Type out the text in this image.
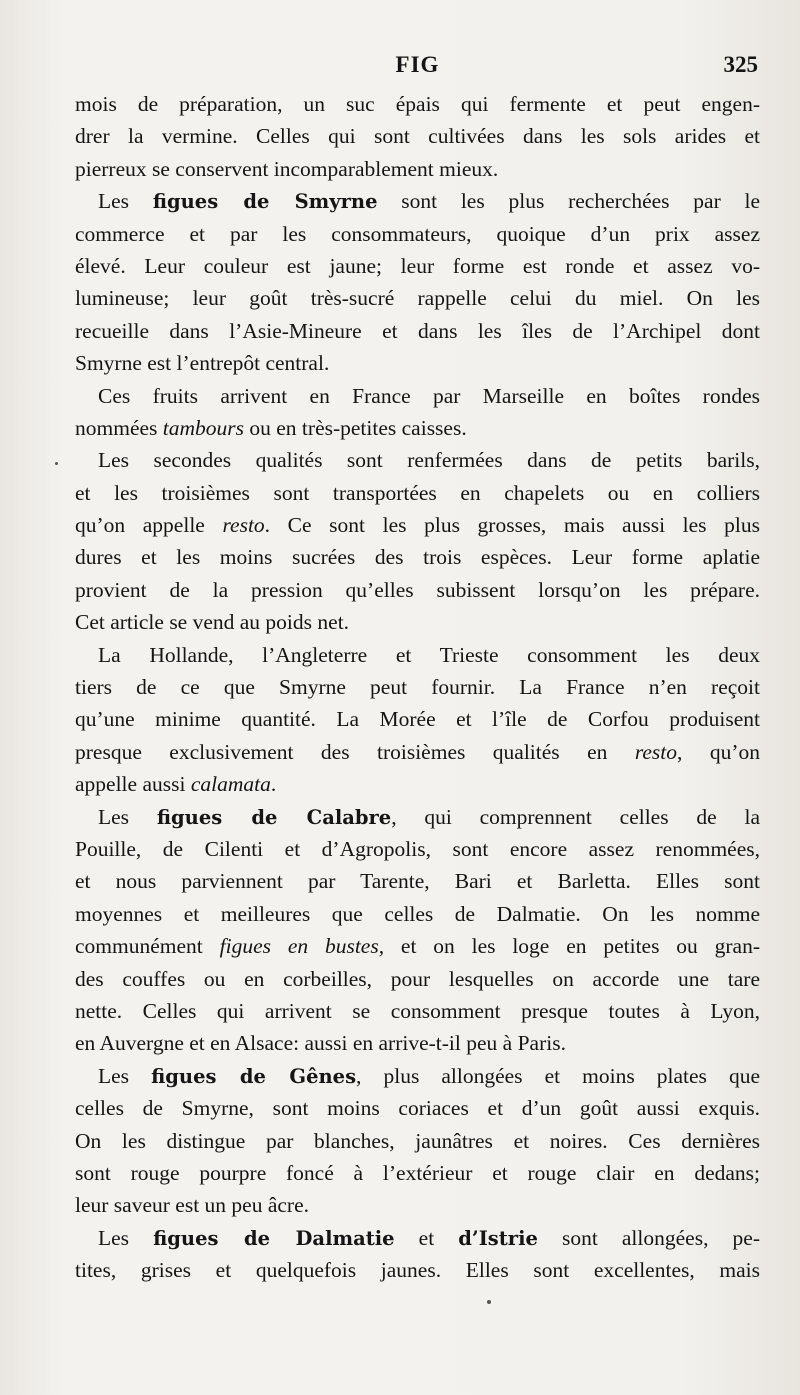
FIG	325
mois de préparation, un suc épais qui fermente et peut engen-
drer la vermine. Celles qui sont cultivées dans les sols arides et
pierreux se conservent incomparablement mieux.
Les figues de Smyrne sont les plus recherchées par le
commerce et par les consommateurs, quoique d’un prix assez
élevé. Leur couleur est jaune; leur forme est ronde et assez vo-
lumineuse; leur goût très-sucré rappelle celui du miel. On les
recueille dans l’Asie-Mineure et dans les îles de l’Archipel dont
Smyrne est l’entrepôt central.
Ces fruits arrivent en France par Marseille en boîtes rondes
nommées tambours ou en très-petites caisses.
Les secondes qualités sont renfermées dans de petits barils,
et les troisièmes sont transportées en chapelets ou en colliers
qu’on appelle resto. Ce sont les plus grosses, mais aussi les plus
dures et les moins sucrées des trois espèces. Leur forme aplatie
provient de la pression qu’elles subissent lorsqu’on les prépare.
Cet article se vend au poids net.
La Hollande, l’Angleterre et Trieste consomment les deux
tiers de ce que Smyrne peut fournir. La France n’en reçoit
qu’une minime quantité. La Morée et l’île de Corfou produisent
presque exclusivement des troisièmes qualités en resto, qu’on
appelle aussi calamata.
Les figues de Calabre, qui comprennent celles de la
Pouille, de Cilenti et d’Agropolis, sont encore assez renommées,
et nous parviennent par Tarente, Bari et Barletta. Elles sont
moyennes et meilleures que celles de Dalmatie. On les nomme
communément figues en bustes, et on les loge en petites ou gran-
des couffes ou en corbeilles, pour lesquelles on accorde une tare
nette. Celles qui arrivent se consomment presque toutes à Lyon,
en Auvergne et en Alsace: aussi en arrive-t-il peu à Paris.
Les figues de Gênes, plus allongées et moins plates que
celles de Smyrne, sont moins coriaces et d’un goût aussi exquis.
On les distingue par blanches, jaunâtres et noires. Ces dernières
sont rouge pourpre foncé à l’extérieur et rouge clair en dedans;
leur saveur est un peu âcre.
Les figues de Dalmatie et d’Istrie sont allongées, pe-
tites, grises et quelquefois jaunes. Elles sont excellentes, mais
